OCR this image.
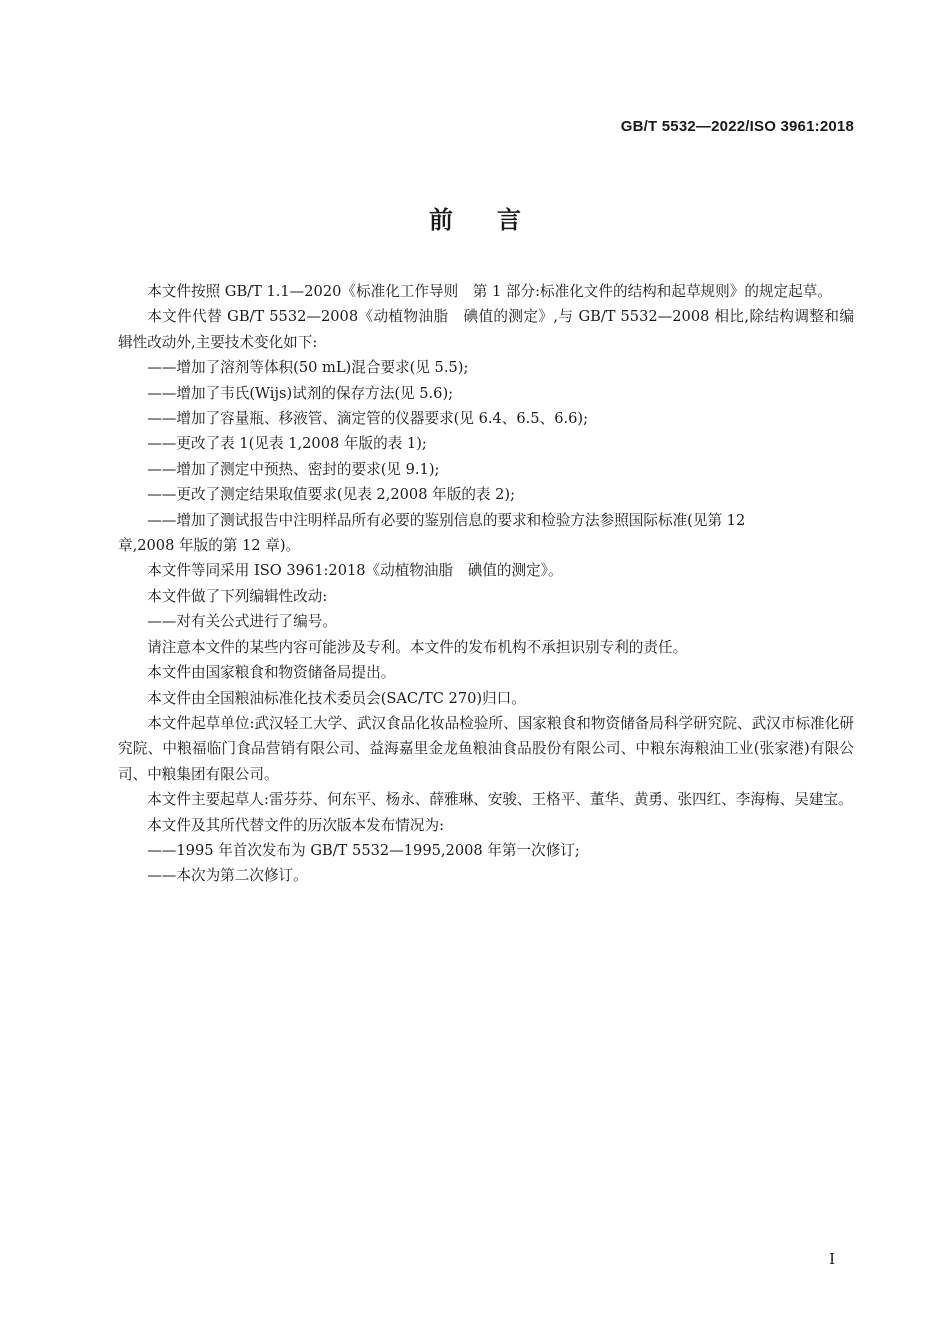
GB/T 5532—2022/ISO 3961:2018
前 言

本文件按照 GB/T 1.1—2020《标准化工作导则　第 1 部分:标准化文件的结构和起草规则》的规定起草。

本文件代替 GB/T 5532—2008《动植物油脂　碘值的测定》,与 GB/T 5532—2008 相比,除结构调整和编辑性改动外,主要技术变化如下:

——增加了溶剂等体积(50 mL)混合要求(见 5.5);

——增加了韦氏(Wijs)试剂的保存方法(见 5.6);

——增加了容量瓶、移液管、滴定管的仪器要求(见 6.4、6.5、6.6);

——更改了表 1(见表 1,2008 年版的表 1);

——增加了测定中预热、密封的要求(见 9.1);

——更改了测定结果取值要求(见表 2,2008 年版的表 2);

——增加了测试报告中注明样品所有必要的鉴别信息的要求和检验方法参照国际标准(见第 12
章,2008 年版的第 12 章)。

本文件等同采用 ISO 3961:2018《动植物油脂　碘值的测定》。

本文件做了下列编辑性改动:

——对有关公式进行了编号。

请注意本文件的某些内容可能涉及专利。本文件的发布机构不承担识别专利的责任。

本文件由国家粮食和物资储备局提出。

本文件由全国粮油标准化技术委员会(SAC/TC 270)归口。

本文件起草单位:武汉轻工大学、武汉食品化妆品检验所、国家粮食和物资储备局科学研究院、武汉市标准化研究院、中粮福临门食品营销有限公司、益海嘉里金龙鱼粮油食品股份有限公司、中粮东海粮油工业(张家港)有限公司、中粮集团有限公司。

本文件主要起草人:雷芬芬、何东平、杨永、薛雅琳、安骏、王格平、董华、黄勇、张四红、李海梅、吴建宝。

本文件及其所代替文件的历次版本发布情况为:

——1995 年首次发布为 GB/T 5532—1995,2008 年第一次修订;

——本次为第二次修订。

I
